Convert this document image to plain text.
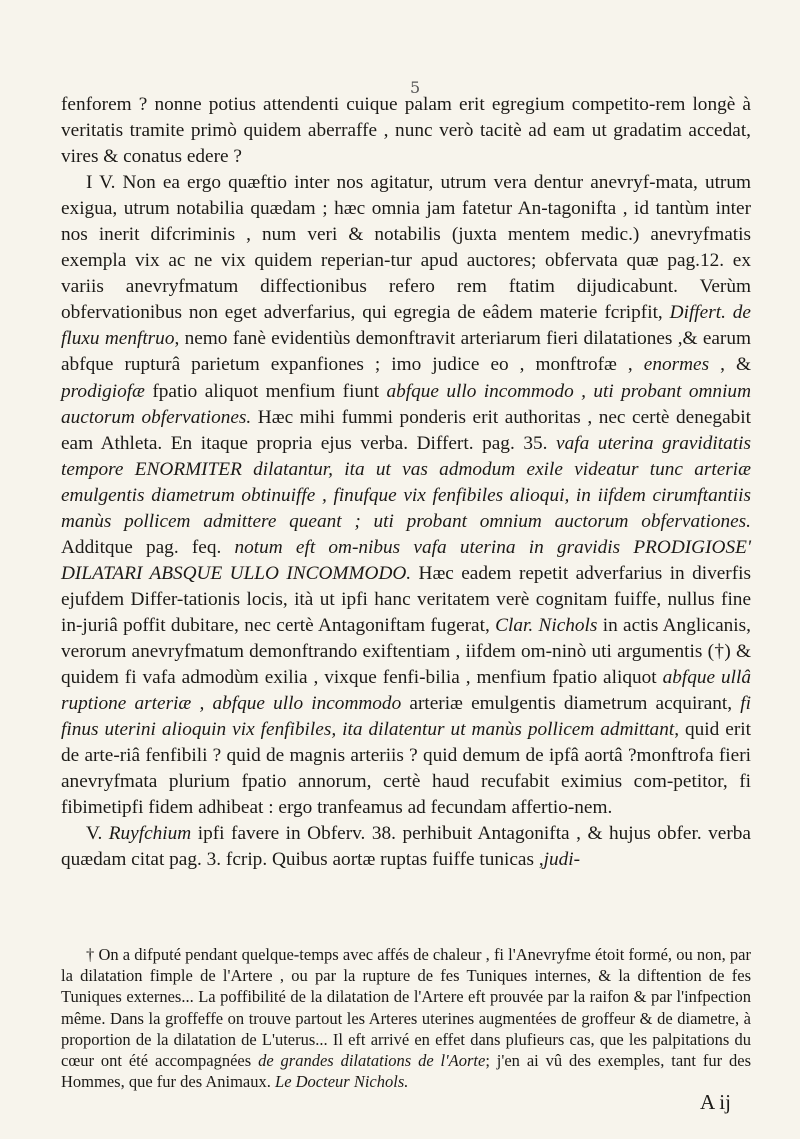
5

fenforem ? nonne potius attendenti cuique palam erit egregium competito-rem longè à veritatis tramite primò quidem aberraffe , nunc verò tacitè ad eam ut gradatim accedat, vires & conatus edere ?

I V. Non ea ergo quæftio inter nos agitatur, utrum vera dentur anevryf-mata, utrum exigua, utrum notabilia quædam ; hæc omnia jam fatetur An-tagonifta , id tantùm inter nos inerit difcriminis , num veri & notabilis (juxta mentem medic.) anevryfmatis exempla vix ac ne vix quidem reperian-tur apud auctores; obfervata quæ pag.12. ex variis anevryfmatum diffectionibus refero rem ftatim dijudicabunt. Verùm obfervationibus non eget adverfarius, qui egregia de eâdem materie fcripfit, Differt. de fluxu menftruo, nemo fanè evidentiùs demonftravit arteriarum fieri dilatationes ,& earum abfque rupturâ parietum expanfiones ; imo judice eo , monftrofæ , enormes , & prodigiofæ fpatio aliquot menfium fiunt abfque ullo incommodo , uti probant omnium auctorum obfervationes. Hæc mihi fummi ponderis erit authoritas , nec certè denegabit eam Athleta. En itaque propria ejus verba. Differt. pag. 35. vafa uterina graviditatis tempore ENORMITER dilatantur, ita ut vas admodum exile videatur tunc arteriæ emulgentis diametrum obtinuiffe , finufque vix fenfibiles alioqui, in iifdem cirumftantiis manùs pollicem admittere queant ; uti probant omnium auctorum obfervationes. Additque pag. feq. notum eft om-nibus vafa uterina in gravidis PRODIGIOSE' DILATARI ABSQUE ULLO INCOMMODO. Hæc eadem repetit adverfarius in diverfis ejufdem Differ-tationis locis, ità ut ipfi hanc veritatem verè cognitam fuiffe, nullus fine in-juriâ poffit dubitare, nec certè Antagoniftam fugerat, Clar. Nichols in actis Anglicanis, verorum anevryfmatum demonftrando exiftentiam , iifdem om-ninò uti argumentis (†) & quidem fi vafa admodùm exilia , vixque fenfi-bilia , menfium fpatio aliquot abfque ullâ ruptione arteriæ , abfque ullo incommodo arteriæ emulgentis diametrum acquirant, fi finus uterini alioquin vix fenfibiles, ita dilatentur ut manùs pollicem admittant, quid erit de arte-riâ fenfibili ? quid de magnis arteriis ? quid demum de ipfâ aortâ ?monftrofa fieri anevryfmata plurium fpatio annorum, certè haud recufabit eximius com-petitor, fi fibimetipfi fidem adhibeat : ergo tranfeamus ad fecundam affertio-nem.

V. Ruyfchium ipfi favere in Obferv. 38. perhibuit Antagonifta , & hujus obfer. verba quædam citat pag. 3. fcrip. Quibus aortæ ruptas fuiffe tunicas ,judi-

† On a difputé pendant quelque-temps avec affés de chaleur , fi l'Anevryfme étoit formé, ou non, par la dilatation fimple de l'Artere , ou par la rupture de fes Tuniques internes, & la diftention de fes Tuniques externes... La poffibilité de la dilatation de l'Artere eft prouvée par la raifon & par l'infpection même. Dans la groffeffe on trouve partout les Arteres uterines augmentées de groffeur & de diametre, à proportion de la dilatation de L'uterus... Il eft arrivé en effet dans plufieurs cas, que les palpitations du cœur ont été accompagnées de grandes dilatations de l'Aorte; j'en ai vû des exemples, tant fur des Hommes, que fur des Animaux. Le Docteur Nichols.

A ij
